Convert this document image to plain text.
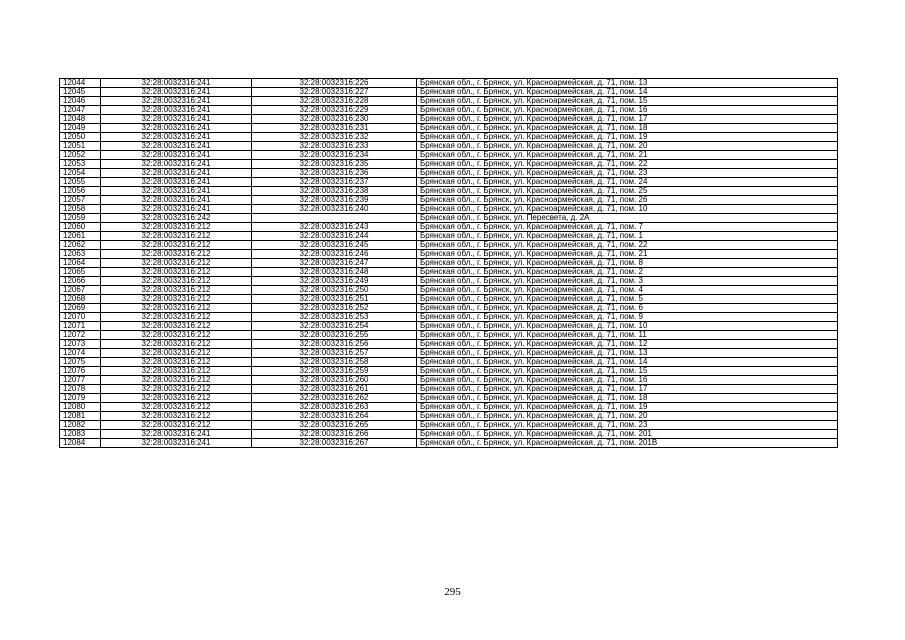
12044	32:28:0032316:241	32:28:0032316:226	Брянская обл., г. Брянск, ул. Красноармейская, д. 71, пом. 13
12045	32:28:0032316:241	32:28:0032316:227	Брянская обл., г. Брянск, ул. Красноармейская, д. 71, пом. 14
12046	32:28:0032316:241	32:28:0032316:228	Брянская обл., г. Брянск, ул. Красноармейская, д. 71, пом. 15
12047	32:28:0032316:241	32:28:0032316:229	Брянская обл., г. Брянск, ул. Красноармейская, д. 71, пом. 16
12048	32:28:0032316:241	32:28:0032316:230	Брянская обл., г. Брянск, ул. Красноармейская, д. 71, пом. 17
12049	32:28:0032316:241	32:28:0032316:231	Брянская обл., г. Брянск, ул. Красноармейская, д. 71, пом. 18
12050	32:28:0032316:241	32:28:0032316:232	Брянская обл., г. Брянск, ул. Красноармейская, д. 71, пом. 19
12051	32:28:0032316:241	32:28:0032316:233	Брянская обл., г. Брянск, ул. Красноармейская, д. 71, пом. 20
12052	32:28:0032316:241	32:28:0032316:234	Брянская обл., г. Брянск, ул. Красноармейская, д. 71, пом. 21
12053	32:28:0032316:241	32:28:0032316:235	Брянская обл., г. Брянск, ул. Красноармейская, д. 71, пом. 22
12054	32:28:0032316:241	32:28:0032316:236	Брянская обл., г. Брянск, ул. Красноармейская, д. 71, пом. 23
12055	32:28:0032316:241	32:28:0032316:237	Брянская обл., г. Брянск, ул. Красноармейская, д. 71, пом. 24
12056	32:28:0032316:241	32:28:0032316:238	Брянская обл., г. Брянск, ул. Красноармейская, д. 71, пом. 25
12057	32:28:0032316:241	32:28:0032316:239	Брянская обл., г. Брянск, ул. Красноармейская, д. 71, пом. 26
12058	32:28:0032316:241	32:28:0032316:240	Брянская обл., г. Брянск, ул. Красноармейская, д. 71, пом. 10
12059	32:28:0032316:242		Брянская обл., г. Брянск, ул. Пересвета, д. 2А
12060	32:28:0032316:212	32:28:0032316:243	Брянская обл., г. Брянск, ул. Красноармейская, д. 71, пом. 7
12061	32:28:0032316:212	32:28:0032316:244	Брянская обл., г. Брянск, ул. Красноармейская, д. 71, пом. 1
12062	32:28:0032316:212	32:28:0032316:245	Брянская обл., г. Брянск, ул. Красноармейская, д. 71, пом. 22
12063	32:28:0032316:212	32:28:0032316:246	Брянская обл., г. Брянск, ул. Красноармейская, д. 71, пом. 21
12064	32:28:0032316:212	32:28:0032316:247	Брянская обл., г. Брянск, ул. Красноармейская, д. 71, пом. 8
12065	32:28:0032316:212	32:28:0032316:248	Брянская обл., г. Брянск, ул. Красноармейская, д. 71, пом. 2
12066	32:28:0032316:212	32:28:0032316:249	Брянская обл., г. Брянск, ул. Красноармейская, д. 71, пом. 3
12067	32:28:0032316:212	32:28:0032316:250	Брянская обл., г. Брянск, ул. Красноармейская, д. 71, пом. 4
12068	32:28:0032316:212	32:28:0032316:251	Брянская обл., г. Брянск, ул. Красноармейская, д. 71, пом. 5
12069	32:28:0032316:212	32:28:0032316:252	Брянская обл., г. Брянск, ул. Красноармейская, д. 71, пом. 6
12070	32:28:0032316:212	32:28:0032316:253	Брянская обл., г. Брянск, ул. Красноармейская, д. 71, пом. 9
12071	32:28:0032316:212	32:28:0032316:254	Брянская обл., г. Брянск, ул. Красноармейская, д. 71, пом. 10
12072	32:28:0032316:212	32:28:0032316:255	Брянская обл., г. Брянск, ул. Красноармейская, д. 71, пом. 11
12073	32:28:0032316:212	32:28:0032316:256	Брянская обл., г. Брянск, ул. Красноармейская, д. 71, пом. 12
12074	32:28:0032316:212	32:28:0032316:257	Брянская обл., г. Брянск, ул. Красноармейская, д. 71, пом. 13
12075	32:28:0032316:212	32:28:0032316:258	Брянская обл., г. Брянск, ул. Красноармейская, д. 71, пом. 14
12076	32:28:0032316:212	32:28:0032316:259	Брянская обл., г. Брянск, ул. Красноармейская, д. 71, пом. 15
12077	32:28:0032316:212	32:28:0032316:260	Брянская обл., г. Брянск, ул. Красноармейская, д. 71, пом. 16
12078	32:28:0032316:212	32:28:0032316:261	Брянская обл., г. Брянск, ул. Красноармейская, д. 71, пом. 17
12079	32:28:0032316:212	32:28:0032316:262	Брянская обл., г. Брянск, ул. Красноармейская, д. 71, пом. 18
12080	32:28:0032316:212	32:28:0032316:263	Брянская обл., г. Брянск, ул. Красноармейская, д. 71, пом. 19
12081	32:28:0032316:212	32:28:0032316:264	Брянская обл., г. Брянск, ул. Красноармейская, д. 71, пом. 20
12082	32:28:0032316:212	32:28:0032316:265	Брянская обл., г. Брянск, ул. Красноармейская, д. 71, пом. 23
12083	32:28:0032316:241	32:28:0032316:266	Брянская обл., г. Брянск, ул. Красноармейская, д. 71, пом. 201
12084	32:28:0032316:241	32:28:0032316:267	Брянская обл., г. Брянск, ул. Красноармейская, д. 71, пом. 201В
295
